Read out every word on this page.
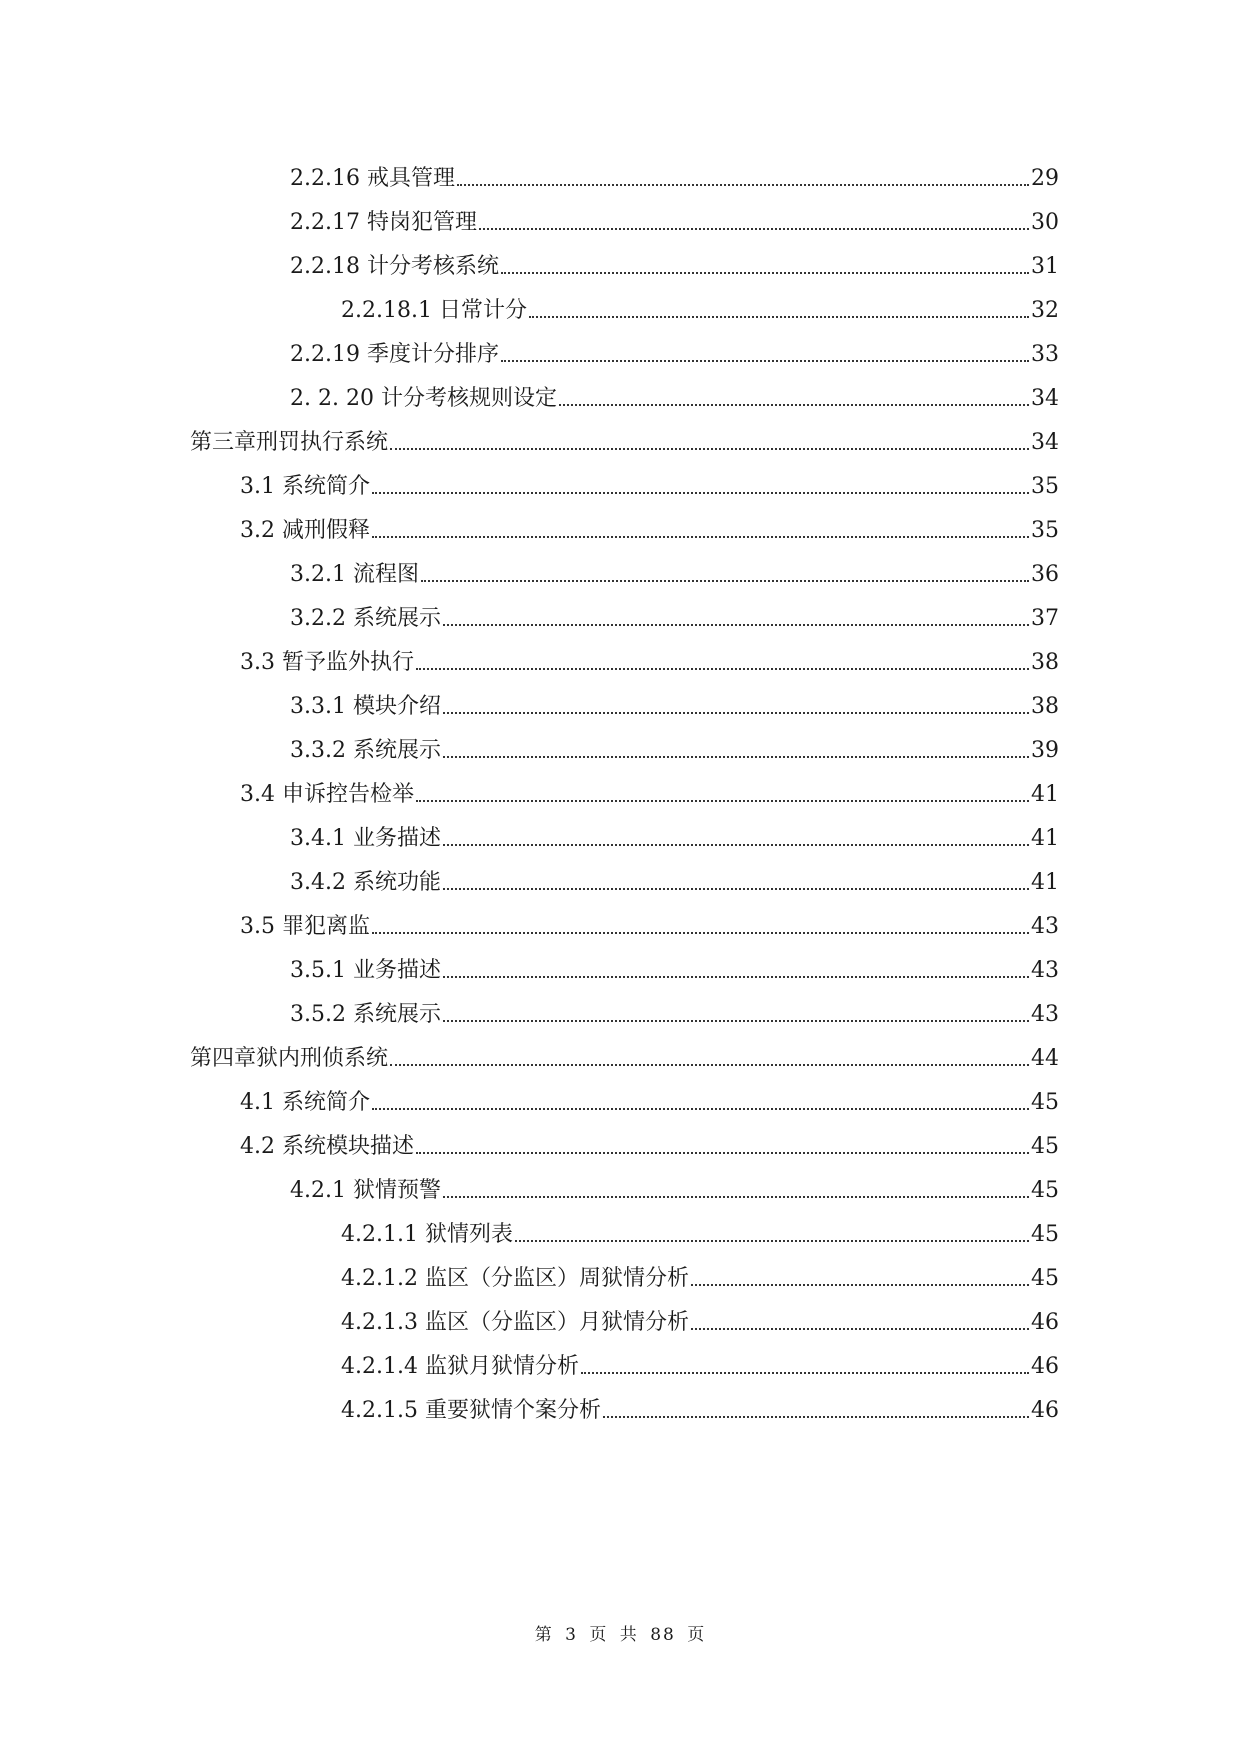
2.2.16 戒具管理	29
2.2.17 特岗犯管理	30
2.2.18 计分考核系统	31
2.2.18.1 日常计分	32
2.2.19 季度计分排序	33
2. 2. 20 计分考核规则设定	34
第三章刑罚执行系统	34
3.1 系统简介	35
3.2 减刑假释	35
3.2.1 流程图	36
3.2.2 系统展示	37
3.3 暂予监外执行	38
3.3.1 模块介绍	38
3.3.2 系统展示	39
3.4 申诉控告检举	41
3.4.1 业务描述	41
3.4.2 系统功能	41
3.5 罪犯离监	43
3.5.1 业务描述	43
3.5.2 系统展示	43
第四章狱内刑侦系统	44
4.1 系统简介	45
4.2 系统模块描述	45
4.2.1 狱情预警	45
4.2.1.1 狱情列表	45
4.2.1.2 监区（分监区）周狱情分析	45
4.2.1.3 监区（分监区）月狱情分析	46
4.2.1.4 监狱月狱情分析	46
4.2.1.5 重要狱情个案分析	46
第 3 页 共 88 页
